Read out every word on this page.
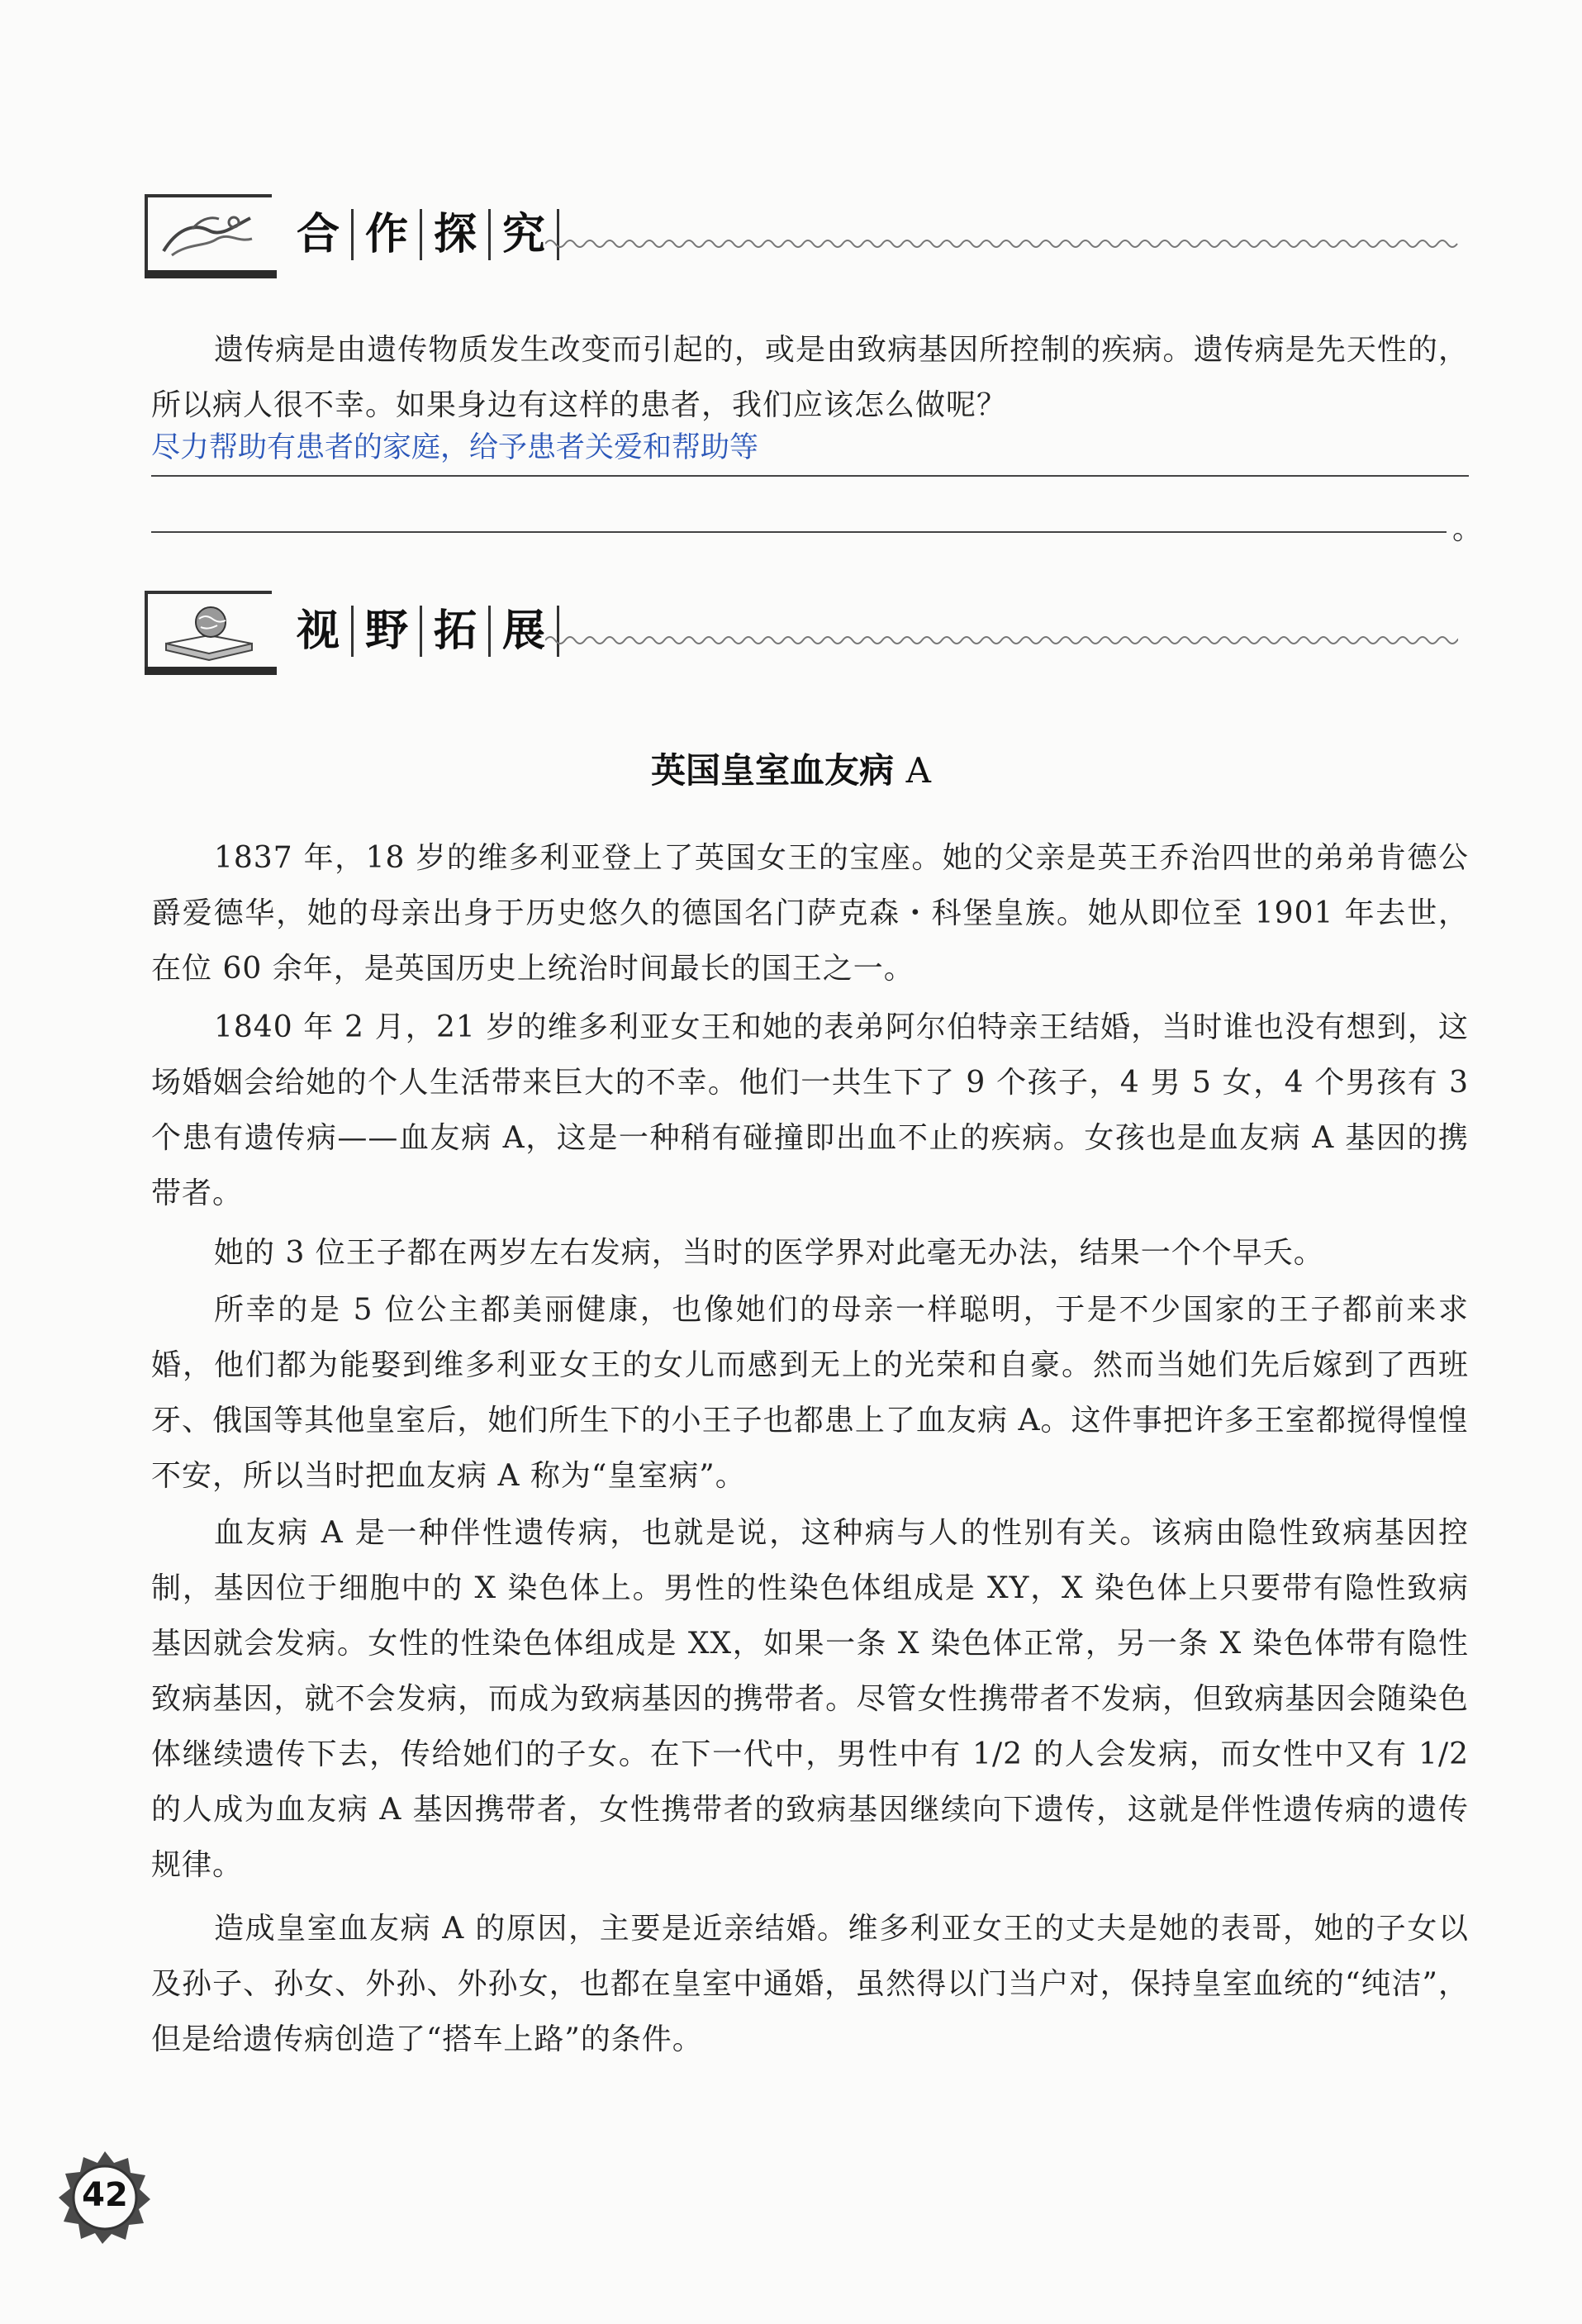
合 作 探 究

遗传病是由遗传物质发生改变而引起的，或是由致病基因所控制的疾病。遗传病是先天性的，所以病人很不幸。如果身边有这样的患者，我们应该怎么做呢？

尽力帮助有患者的家庭，给予患者关爱和帮助等
。
视 野 拓 展
英国皇室血友病 A

1837 年，18 岁的维多利亚登上了英国女王的宝座。她的父亲是英王乔治四世的弟弟肯德公爵爱德华，她的母亲出身于历史悠久的德国名门萨克森・科堡皇族。她从即位至 1901 年去世，在位 60 余年，是英国历史上统治时间最长的国王之一。

1840 年 2 月，21 岁的维多利亚女王和她的表弟阿尔伯特亲王结婚，当时谁也没有想到，这场婚姻会给她的个人生活带来巨大的不幸。他们一共生下了 9 个孩子，4 男 5 女，4 个男孩有 3 个患有遗传病——血友病 A，这是一种稍有碰撞即出血不止的疾病。女孩也是血友病 A 基因的携带者。

她的 3 位王子都在两岁左右发病，当时的医学界对此毫无办法，结果一个个早夭。

所幸的是 5 位公主都美丽健康，也像她们的母亲一样聪明，于是不少国家的王子都前来求婚，他们都为能娶到维多利亚女王的女儿而感到无上的光荣和自豪。然而当她们先后嫁到了西班牙、俄国等其他皇室后，她们所生下的小王子也都患上了血友病 A。这件事把许多王室都搅得惶惶不安，所以当时把血友病 A 称为“皇室病”。

血友病 A 是一种伴性遗传病，也就是说，这种病与人的性别有关。该病由隐性致病基因控制，基因位于细胞中的 X 染色体上。男性的性染色体组成是 XY，X 染色体上只要带有隐性致病基因就会发病。女性的性染色体组成是 XX，如果一条 X 染色体正常，另一条 X 染色体带有隐性致病基因，就不会发病，而成为致病基因的携带者。尽管女性携带者不发病，但致病基因会随染色体继续遗传下去，传给她们的子女。在下一代中，男性中有 1/2 的人会发病，而女性中又有 1/2 的人成为血友病 A 基因携带者，女性携带者的致病基因继续向下遗传，这就是伴性遗传病的遗传规律。

造成皇室血友病 A 的原因，主要是近亲结婚。维多利亚女王的丈夫是她的表哥，她的子女以及孙子、孙女、外孙、外孙女，也都在皇室中通婚，虽然得以门当户对，保持皇室血统的“纯洁”，但是给遗传病创造了“搭车上路”的条件。

42
